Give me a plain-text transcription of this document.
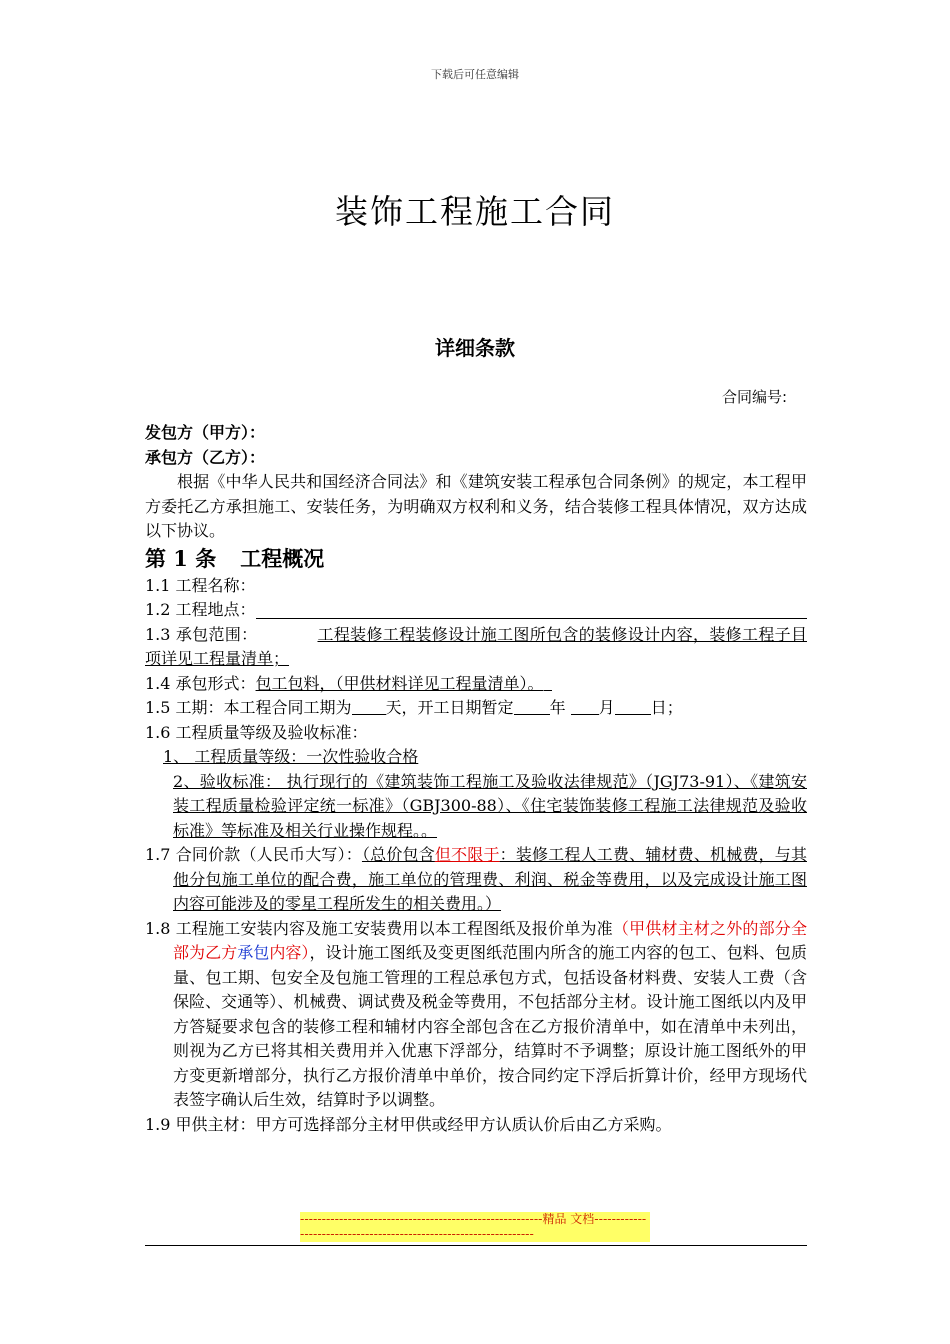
下载后可任意编辑
装饰工程施工合同
详细条款
合同编号:
发包方（甲方）：
承包方（乙方）：
根据《中华人民共和国经济合同法》和《建筑安装工程承包合同条例》的规定，本工程甲方委托乙方承担施工、安装任务，为明确双方权利和义务，结合装修工程具体情况，双方达成以下协议。
第 1 条 工程概况
1.1 工程名称：
1.2 工程地点：
1.3 承包范围：	工程装修工程装修设计施工图所包含的装修设计内容，装修工程子目项详见工程量清单；
1.4 承包形式：包工包料，（甲供材料详见工程量清单）。
1.5 工期：本工程合同工期为 天，开工日期暂定 年 月 日；
1.6 工程质量等级及验收标准：
1、 工程质量等级：一次性验收合格
2、验收标准： 执行现行的《建筑装饰工程施工及验收法律规范》（JGJ73-91）、《建筑安装工程质量检验评定统一标准》（GBJ300-88）、《住宅装饰装修工程施工法律规范及验收标准》等标准及相关行业操作规程。。
1.7 合同价款（人民币大写）：（总价包含但不限于：装修工程人工费、辅材费、机械费，与其他分包施工单位的配合费，施工单位的管理费、利润、税金等费用，以及完成设计施工图内容可能涉及的零星工程所发生的相关费用。）
1.8 工程施工安装内容及施工安装费用以本工程图纸及报价单为准（甲供材主材之外的部分全部为乙方承包内容），设计施工图纸及变更图纸范围内所含的施工内容的包工、包料、包质量、包工期、包安全及包施工管理的工程总承包方式，包括设备材料费、安装人工费（含保险、交通等）、机械费、调试费及税金等费用，不包括部分主材。设计施工图纸以内及甲方答疑要求包含的装修工程和辅材内容全部包含在乙方报价清单中，如在清单中未列出，则视为乙方已将其相关费用并入优惠下浮部分，结算时不予调整；原设计施工图纸外的甲方变更新增部分，执行乙方报价清单中单价，按合同约定下浮后折算计价，经甲方现场代表签字确认后生效，结算时予以调整。
1.9 甲供主材：甲方可选择部分主材甲供或经甲方认质认价后由乙方采购。
--------------------------------------------------------精品 文档------------------------------------------------------------------
